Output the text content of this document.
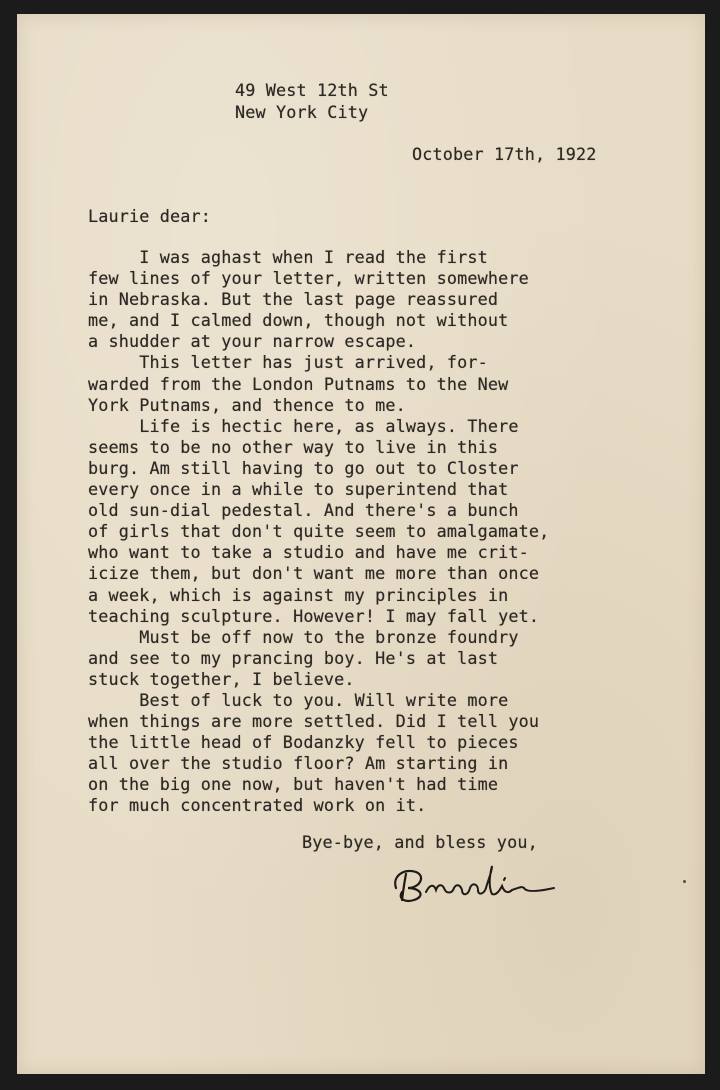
49 West 12th St
New York City
October 17th, 1922
Laurie dear:
I was aghast when I read the first
few lines of your letter, written somewhere
in Nebraska. But the last page reassured
me, and I calmed down, though not without
a shudder at your narrow escape.
This letter has just arrived, for-
warded from the London Putnams to the New
York Putnams, and thence to me.
Life is hectic here, as always. There
seems to be no other way to live in this
burg. Am still having to go out to Closter
every once in a while to superintend that
old sun-dial pedestal. And there's a bunch
of girls that don't quite seem to amalgamate,
who want to take a studio and have me crit-
icize them, but don't want me more than once
a week, which is against my principles in
teaching sculpture. However! I may fall yet.
Must be off now to the bronze foundry
and see to my prancing boy. He's at last
stuck together, I believe.
Best of luck to you. Will write more
when things are more settled. Did I tell you
the little head of Bodanzky fell to pieces
all over the studio floor? Am starting in
on the big one now, but haven't had time
for much concentrated work on it.
Bye-bye, and bless you,
